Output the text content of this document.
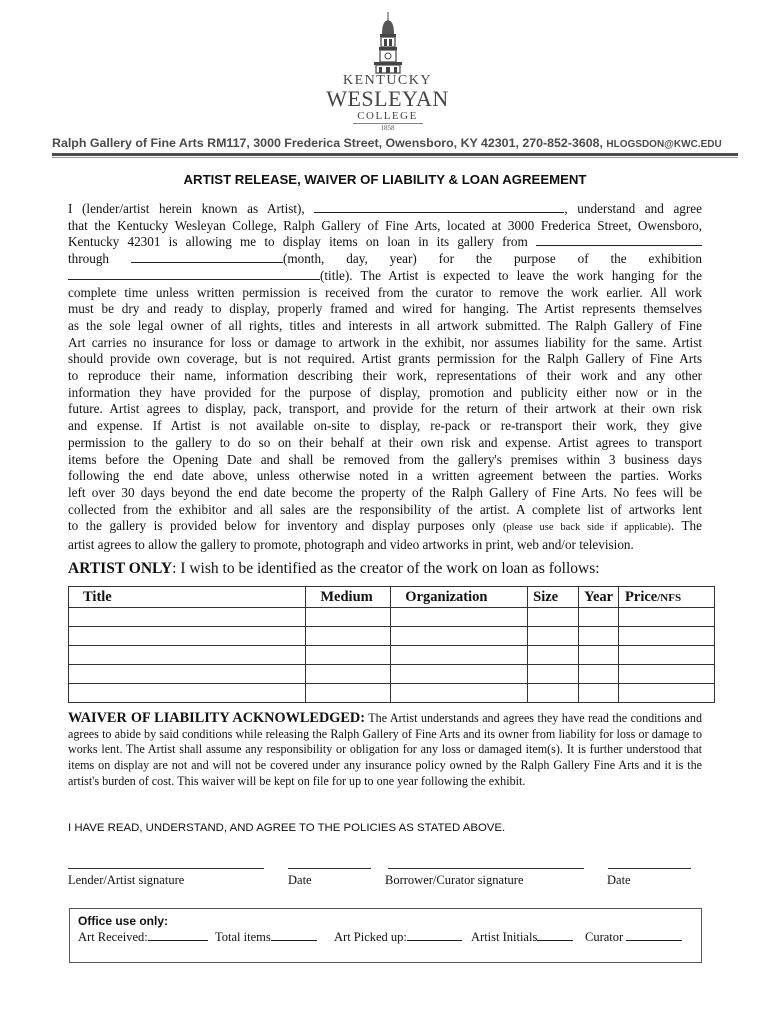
KENTUCKY
WESLEYAN
COLLEGE
1858
Ralph Gallery of Fine Arts RM117, 3000 Frederica Street, Owensboro, KY 42301, 270-852-3608, HLOGSDON@KWC.EDU
ARTIST RELEASE, WAIVER OF LIABILITY & LOAN AGREEMENT
I (lender/artist herein known as Artist),	, understand and agree
that the Kentucky Wesleyan College, Ralph Gallery of Fine Arts, located at 3000 Frederica Street, Owensboro,
Kentucky 42301 is allowing me to display items on loan in its gallery from
through	(month, day, year) for the purpose of the exhibition
(title). The Artist is expected to leave the work hanging for the
complete time unless written permission is received from the curator to remove the work earlier. All work
must be dry and ready to display, properly framed and wired for hanging. The Artist represents themselves
as the sole legal owner of all rights, titles and interests in all artwork submitted. The Ralph Gallery of Fine
Art carries no insurance for loss or damage to artwork in the exhibit, nor assumes liability for the same. Artist
should provide own coverage, but is not required. Artist grants permission for the Ralph Gallery of Fine Arts
to reproduce their name, information describing their work, representations of their work and any other
information they have provided for the purpose of display, promotion and publicity either now or in the
future. Artist agrees to display, pack, transport, and provide for the return of their artwork at their own risk
and expense. If Artist is not available on-site to display, re-pack or re-transport their work, they give
permission to the gallery to do so on their behalf at their own risk and expense. Artist agrees to transport
items before the Opening Date and shall be removed from the gallery's premises within 3 business days
following the end date above, unless otherwise noted in a written agreement between the parties. Works
left over 30 days beyond the end date become the property of the Ralph Gallery of Fine Arts. No fees will be
collected from the exhibitor and all sales are the responsibility of the artist. A complete list of artworks lent
to the gallery is provided below for inventory and display purposes only (please use back side if applicable). The
artist agrees to allow the gallery to promote, photograph and video artworks in print, web and/or television.
ARTIST ONLY: I wish to be identified as the creator of the work on loan as follows:
Title	Medium	Organization	Size	Year	Price/NFS

WAIVER OF LIABILITY ACKNOWLEDGED: The Artist understands and agrees they have read the conditions and agrees to abide by said conditions while releasing the Ralph Gallery of Fine Arts and its owner from liability for loss or damage to works lent. The Artist shall assume any responsibility or obligation for any loss or damaged item(s). It is further understood that items on display are not and will not be covered under any insurance policy owned by the Ralph Gallery Fine Arts and it is the artist's burden of cost. This waiver will be kept on file for up to one year following the exhibit.
I HAVE READ, UNDERSTAND, AND AGREE TO THE POLICIES AS STATED ABOVE.
Lender/Artist signature	Date	Borrower/Curator signature	Date
Office use only:
Art Received:	Total items	Art Picked up:	Artist Initials	Curator
